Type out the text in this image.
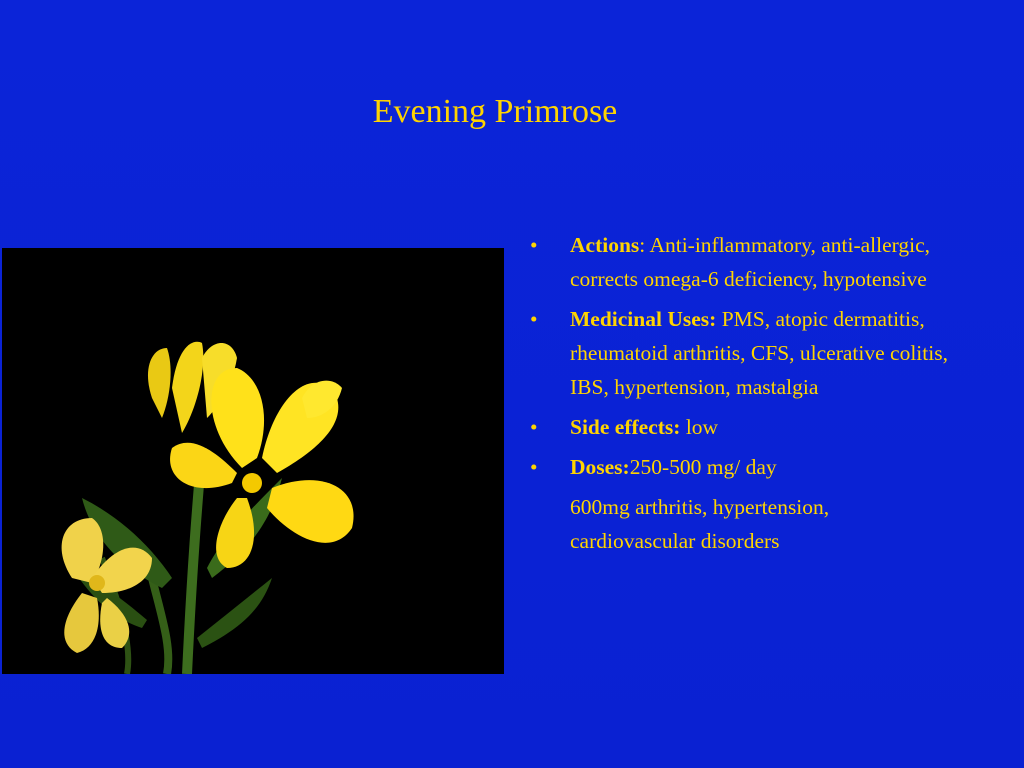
Evening Primrose
•	Actions: Anti-inflammatory, anti-allergic, corrects omega-6 deficiency, hypotensive
•	Medicinal Uses: PMS, atopic dermatitis, rheumatoid arthritis, CFS, ulcerative colitis, IBS, hypertension, mastalgia
•	Side effects: low
•	Doses:250-500 mg/ day
600mg arthritis, hypertension, cardiovascular disorders
